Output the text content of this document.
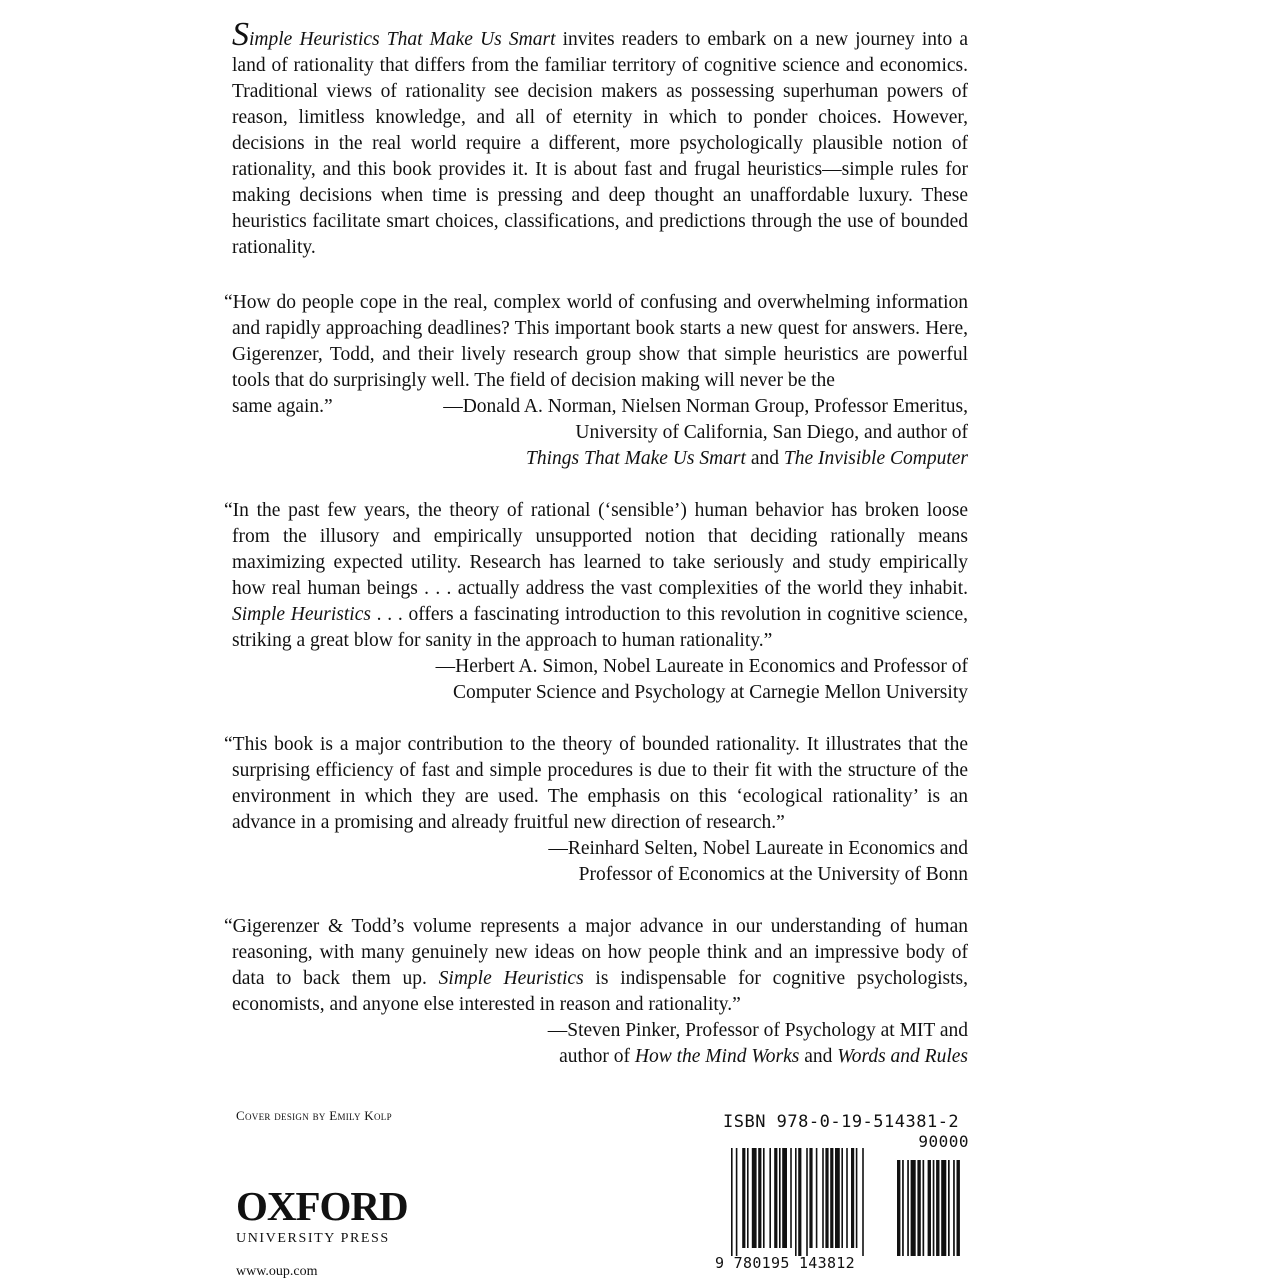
Simple Heuristics That Make Us Smart invites readers to embark on a new journey into a land of rationality that differs from the familiar territory of cognitive science and economics. Traditional views of rationality see decision makers as possessing superhuman powers of reason, limitless knowledge, and all of eternity in which to ponder choices. However, decisions in the real world require a different, more psychologically plausible notion of rationality, and this book provides it. It is about fast and frugal heuristics—simple rules for making decisions when time is pressing and deep thought an unaffordable luxury. These heuristics facilitate smart choices, classifications, and predictions through the use of bounded rationality.
“How do people cope in the real, complex world of confusing and overwhelming information and rapidly approaching deadlines? This important book starts a new quest for answers. Here, Gigerenzer, Todd, and their lively research group show that simple heuristics are powerful tools that do surprisingly well. The field of decision making will never be the
same again.”	—Donald A. Norman, Nielsen Norman Group, Professor Emeritus,
University of California, San Diego, and author of
Things That Make Us Smart and The Invisible Computer
“In the past few years, the theory of rational (‘sensible’) human behavior has broken loose from the illusory and empirically unsupported notion that deciding rationally means maximizing expected utility. Research has learned to take seriously and study empirically how real human beings . . . actually address the vast complexities of the world they inhabit. Simple Heuristics . . . offers a fascinating introduction to this revolution in cognitive science, striking a great blow for sanity in the approach to human rationality.”
—Herbert A. Simon, Nobel Laureate in Economics and Professor of
Computer Science and Psychology at Carnegie Mellon University
“This book is a major contribution to the theory of bounded rationality. It illustrates that the surprising efficiency of fast and simple procedures is due to their fit with the structure of the environment in which they are used. The emphasis on this ‘ecological rationality’ is an advance in a promising and already fruitful new direction of research.”
—Reinhard Selten, Nobel Laureate in Economics and
Professor of Economics at the University of Bonn
“Gigerenzer & Todd’s volume represents a major advance in our understanding of human reasoning, with many genuinely new ideas on how people think and an impressive body of data to back them up. Simple Heuristics is indispensable for cognitive psychologists, economists, and anyone else interested in reason and rationality.”
—Steven Pinker, Professor of Psychology at MIT and
author of How the Mind Works and Words and Rules
Cover design by Emily Kolp
OXFORD
UNIVERSITY PRESS
www.oup.com
ISBN 978-0-19-514381-2
90000
9 780195 143812
